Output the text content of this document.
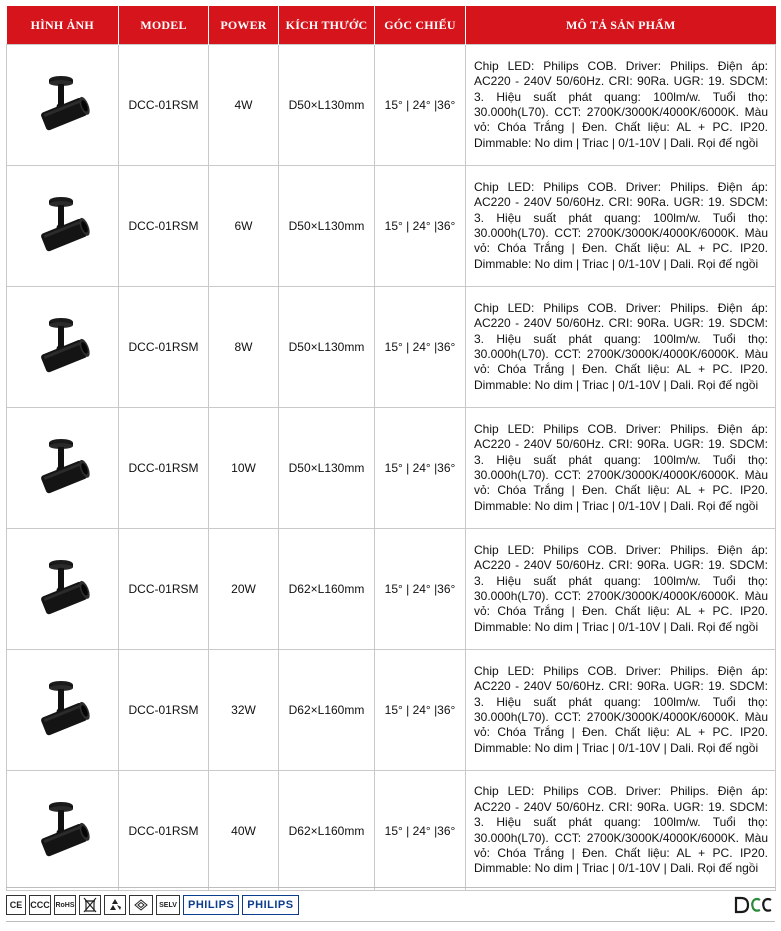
HÌNH ẢNH	MODEL	POWER	KÍCH THƯỚC	GÓC CHIẾU	MÔ TẢ SẢN PHẨM

	DCC-01RSM	4W	D50×L130mm	15° | 24° |36°	Chip LED: Philips COB. Driver: Philips. Điện áp: AC220 - 240V 50/60Hz. CRI: 90Ra. UGR: 19. SDCM: 3. Hiệu suất phát quang: 100lm/w. Tuổi thọ: 30.000h(L70). CCT: 2700K/3000K/4000K/6000K. Màu vỏ: Chóa Trắng | Đen. Chất liệu: AL + PC. IP20. Dimmable: No dim | Triac | 0/1-10V | Dali. Rọi đế ngồi

	DCC-01RSM	6W	D50×L130mm	15° | 24° |36°	Chip LED: Philips COB. Driver: Philips. Điện áp: AC220 - 240V 50/60Hz. CRI: 90Ra. UGR: 19. SDCM: 3. Hiệu suất phát quang: 100lm/w. Tuổi thọ: 30.000h(L70). CCT: 2700K/3000K/4000K/6000K. Màu vỏ: Chóa Trắng | Đen. Chất liệu: AL + PC. IP20. Dimmable: No dim | Triac | 0/1-10V | Dali. Rọi đế ngồi

	DCC-01RSM	8W	D50×L130mm	15° | 24° |36°	Chip LED: Philips COB. Driver: Philips. Điện áp: AC220 - 240V 50/60Hz. CRI: 90Ra. UGR: 19. SDCM: 3. Hiệu suất phát quang: 100lm/w. Tuổi thọ: 30.000h(L70). CCT: 2700K/3000K/4000K/6000K. Màu vỏ: Chóa Trắng | Đen. Chất liệu: AL + PC. IP20. Dimmable: No dim | Triac | 0/1-10V | Dali. Rọi đế ngồi

	DCC-01RSM	10W	D50×L130mm	15° | 24° |36°	Chip LED: Philips COB. Driver: Philips. Điện áp: AC220 - 240V 50/60Hz. CRI: 90Ra. UGR: 19. SDCM: 3. Hiệu suất phát quang: 100lm/w. Tuổi thọ: 30.000h(L70). CCT: 2700K/3000K/4000K/6000K. Màu vỏ: Chóa Trắng | Đen. Chất liệu: AL + PC. IP20. Dimmable: No dim | Triac | 0/1-10V | Dali. Rọi đế ngồi

	DCC-01RSM	20W	D62×L160mm	15° | 24° |36°	Chip LED: Philips COB. Driver: Philips. Điện áp: AC220 - 240V 50/60Hz. CRI: 90Ra. UGR: 19. SDCM: 3. Hiệu suất phát quang: 100lm/w. Tuổi thọ: 30.000h(L70). CCT: 2700K/3000K/4000K/6000K. Màu vỏ: Chóa Trắng | Đen. Chất liệu: AL + PC. IP20. Dimmable: No dim | Triac | 0/1-10V | Dali. Rọi đế ngồi

	DCC-01RSM	32W	D62×L160mm	15° | 24° |36°	Chip LED: Philips COB. Driver: Philips. Điện áp: AC220 - 240V 50/60Hz. CRI: 90Ra. UGR: 19. SDCM: 3. Hiệu suất phát quang: 100lm/w. Tuổi thọ: 30.000h(L70). CCT: 2700K/3000K/4000K/6000K. Màu vỏ: Chóa Trắng | Đen. Chất liệu: AL + PC. IP20. Dimmable: No dim | Triac | 0/1-10V | Dali. Rọi đế ngồi

	DCC-01RSM	40W	D62×L160mm	15° | 24° |36°	Chip LED: Philips COB. Driver: Philips. Điện áp: AC220 - 240V 50/60Hz. CRI: 90Ra. UGR: 19. SDCM: 3. Hiệu suất phát quang: 100lm/w. Tuổi thọ: 30.000h(L70). CCT: 2700K/3000K/4000K/6000K. Màu vỏ: Chóa Trắng | Đen. Chất liệu: AL + PC. IP20. Dimmable: No dim | Triac | 0/1-10V | Dali. Rọi đế ngồi
CE CCC RoHS	SELV PHILIPS PHILIPS
